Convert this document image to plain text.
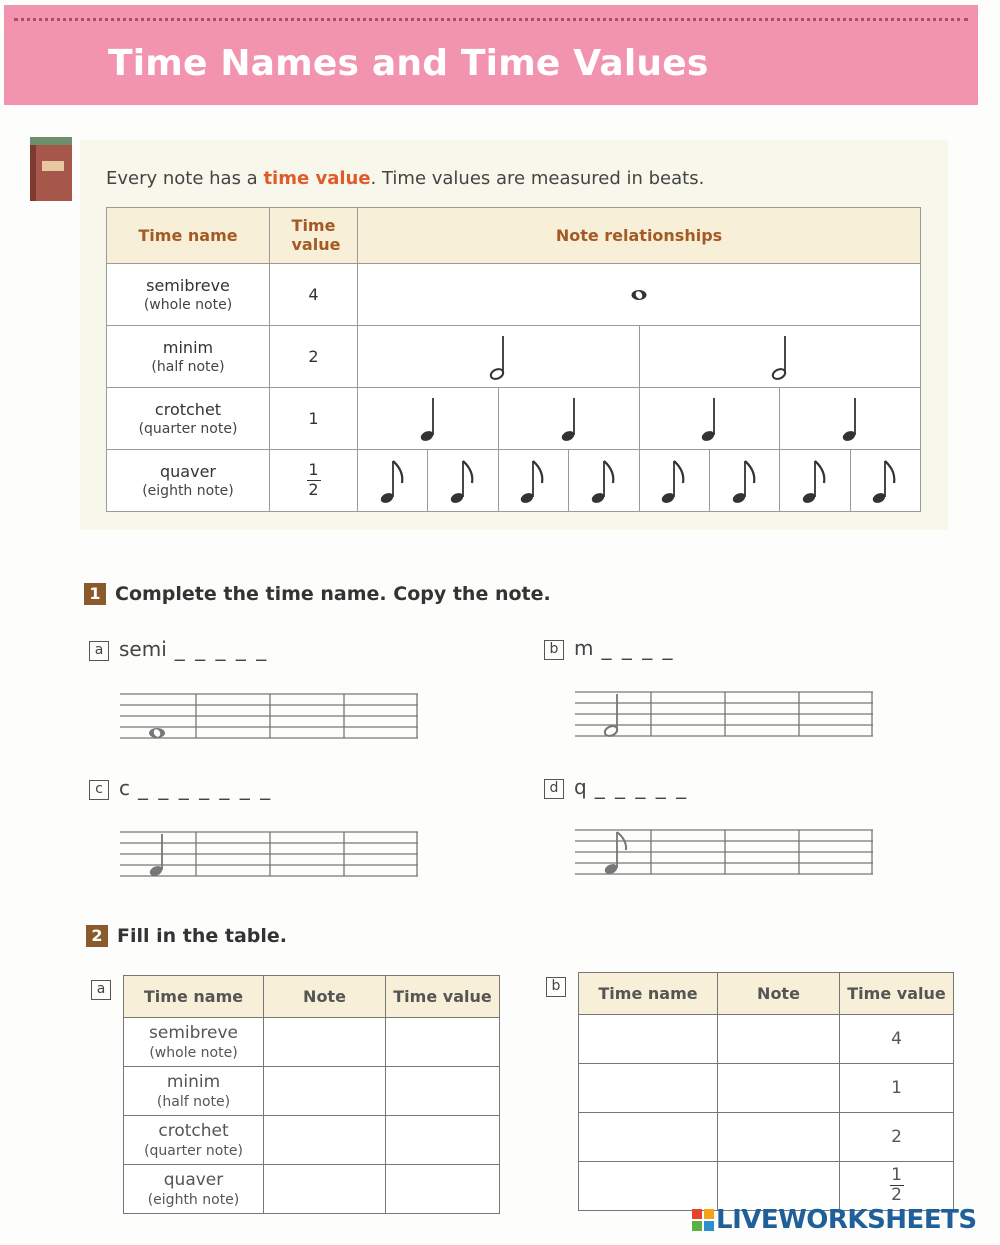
Time Names and Time Values
Every note has a time value. Time values are measured in beats.
Time name	Time value	Note relationships							
semibreve
(whole note)	4	

minim
(half note)	2	

crotchet
(quarter note)	1	

quaver
(eighth note)	$\frac{1}{2}$	

1 Complete the time name. Copy the note.
a semi _ _ _ _ _	b m _ _ _ _
c c _ _ _ _ _ _ _	d q _ _ _ _ _
2 Fill in the table.
a	b
Time name	Note	Time value
semibreve
(whole note)		

minim
(half note)		

crotchet
(quarter note)		

quaver
(eighth note)		

Time name	Note	Time value
		4
		1
		2
		$\frac{1}{2}$
LIVEWORKSHEETS
